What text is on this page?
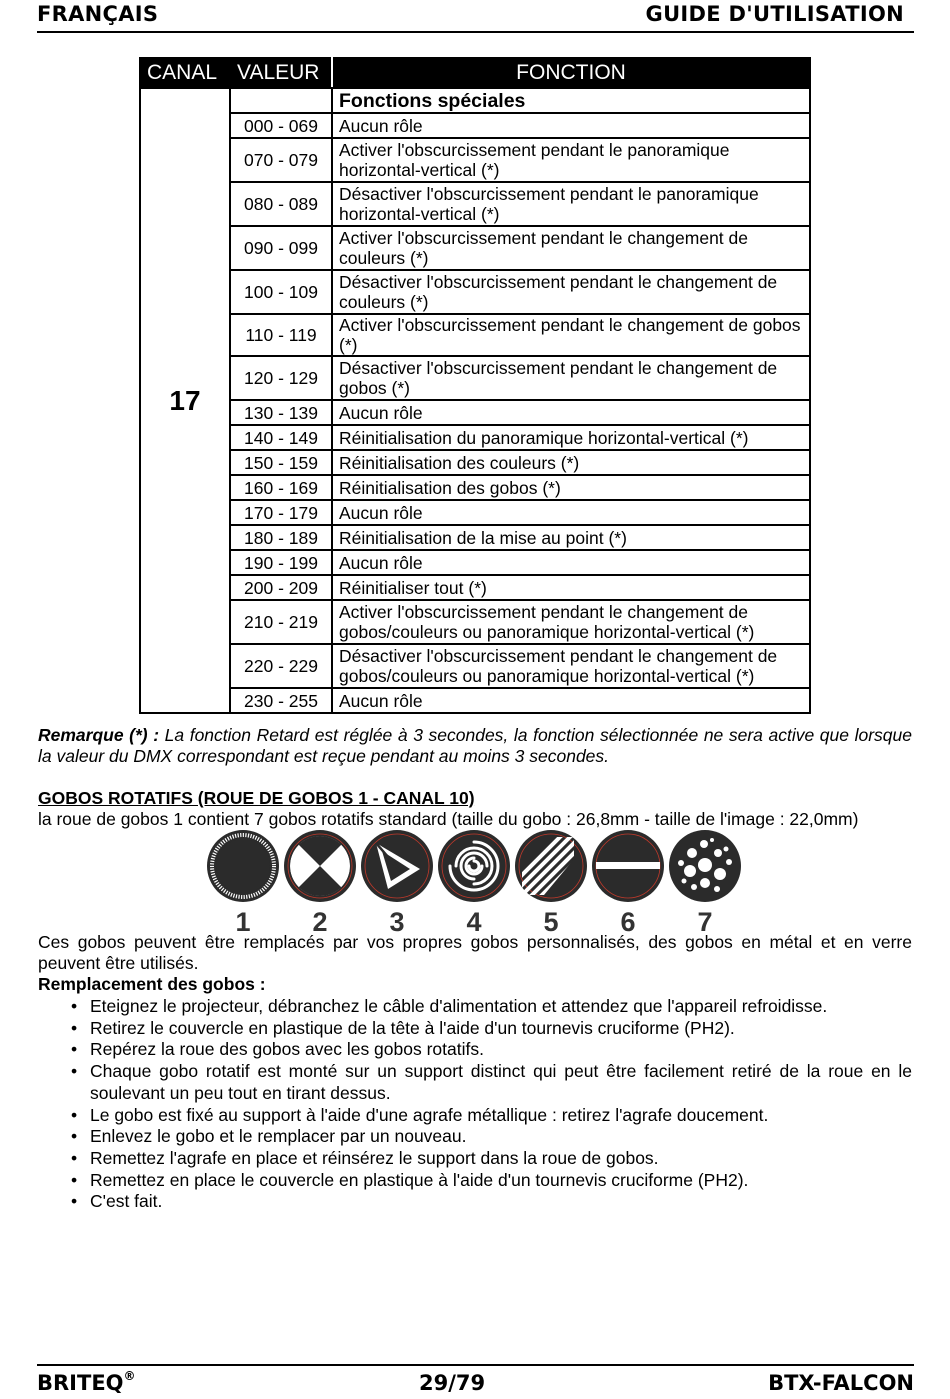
FRANÇAIS	GUIDE D'UTILISATION
CANAL	VALEUR	FONCTION
17		Fonctions spéciales
	000 - 069	Aucun rôle
	070 - 079	Activer l'obscurcissement pendant le panoramique horizontal-vertical (*)
	080 - 089	Désactiver l'obscurcissement pendant le panoramique horizontal-vertical (*)
	090 - 099	Activer l'obscurcissement pendant le changement de couleurs (*)
	100 - 109	Désactiver l'obscurcissement pendant le changement de couleurs (*)
	110 - 119	Activer l'obscurcissement pendant le changement de gobos (*)
	120 - 129	Désactiver l'obscurcissement pendant le changement de gobos (*)
	130 - 139	Aucun rôle
	140 - 149	Réinitialisation du panoramique horizontal-vertical (*)
	150 - 159	Réinitialisation des couleurs (*)
	160 - 169	Réinitialisation des gobos (*)
	170 - 179	Aucun rôle
	180 - 189	Réinitialisation de la mise au point (*)
	190 - 199	Aucun rôle
	200 - 209	Réinitialiser tout (*)
	210 - 219	Activer l'obscurcissement pendant le changement de gobos/couleurs ou panoramique horizontal-vertical (*)
	220 - 229	Désactiver l'obscurcissement pendant le changement de gobos/couleurs ou panoramique horizontal-vertical (*)
	230 - 255	Aucun rôle
Remarque (*) : La fonction Retard est réglée à 3 secondes, la fonction sélectionnée ne sera active que lorsque la valeur du DMX correspondant est reçue pendant au moins 3 secondes.
GOBOS ROTATIFS (ROUE DE GOBOS 1 - CANAL 10)
la roue de gobos 1 contient 7 gobos rotatifs standard (taille du gobo : 26,8mm - taille de l'image : 22,0mm)
1	2	3	4	5	6	7
Ces gobos peuvent être remplacés par vos propres gobos personnalisés, des gobos en métal et en verre peuvent être utilisés.
Remplacement des gobos :
• Eteignez le projecteur, débranchez le câble d'alimentation et attendez que l'appareil refroidisse.
• Retirez le couvercle en plastique de la tête à l'aide d'un tournevis cruciforme (PH2).
• Repérez la roue des gobos avec les gobos rotatifs.
• Chaque gobo rotatif est monté sur un support distinct qui peut être facilement retiré de la roue en le soulevant un peu tout en tirant dessus.
• Le gobo est fixé au support à l'aide d'une agrafe métallique : retirez l'agrafe doucement.
• Enlevez le gobo et le remplacer par un nouveau.
• Remettez l'agrafe en place et réinsérez le support dans la roue de gobos.
• Remettez en place le couvercle en plastique à l'aide d'un tournevis cruciforme (PH2).
• C'est fait.
BRITEQ®	29/79	BTX-FALCON
